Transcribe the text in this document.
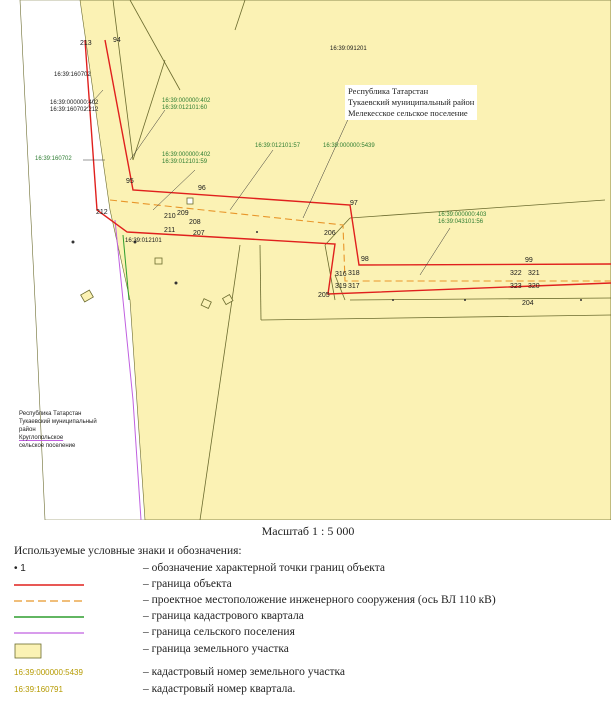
16:39:091201
16:39:160702
16:39:000000:402
16:39:160702:212
16:39:000000:402
16:39:012101:60
16:39:160702
16:39:000000:402
16:39:012101:59
16:39:012101:57	16:39:000000:5439
16:39:012101
16:39:000000:403
16:39:043101:56
Республика Татарстан
Тукаевский муниципальный район
Мелекесское сельское поселение
Республика Татарстан
Тукаевский муниципальный
район
Круглопольское
сельское поселение
213	94
95
96
97
212
210 209
208
211	207	206
98
316 318
319 317
205
99
322 321
323 320
204
Масштаб 1 : 5 000
Используемые условные знаки и обозначения:
• 1	– обозначение характерной точки границ объекта
– граница объекта
– проектное местоположение инженерного сооружения (ось ВЛ 110 кВ)
– граница кадастрового квартала
– граница сельского поселения
– граница земельного участка
16:39:000000:5439	– кадастровый номер земельного участка
16:39:160791	– кадастровый номер квартала.
